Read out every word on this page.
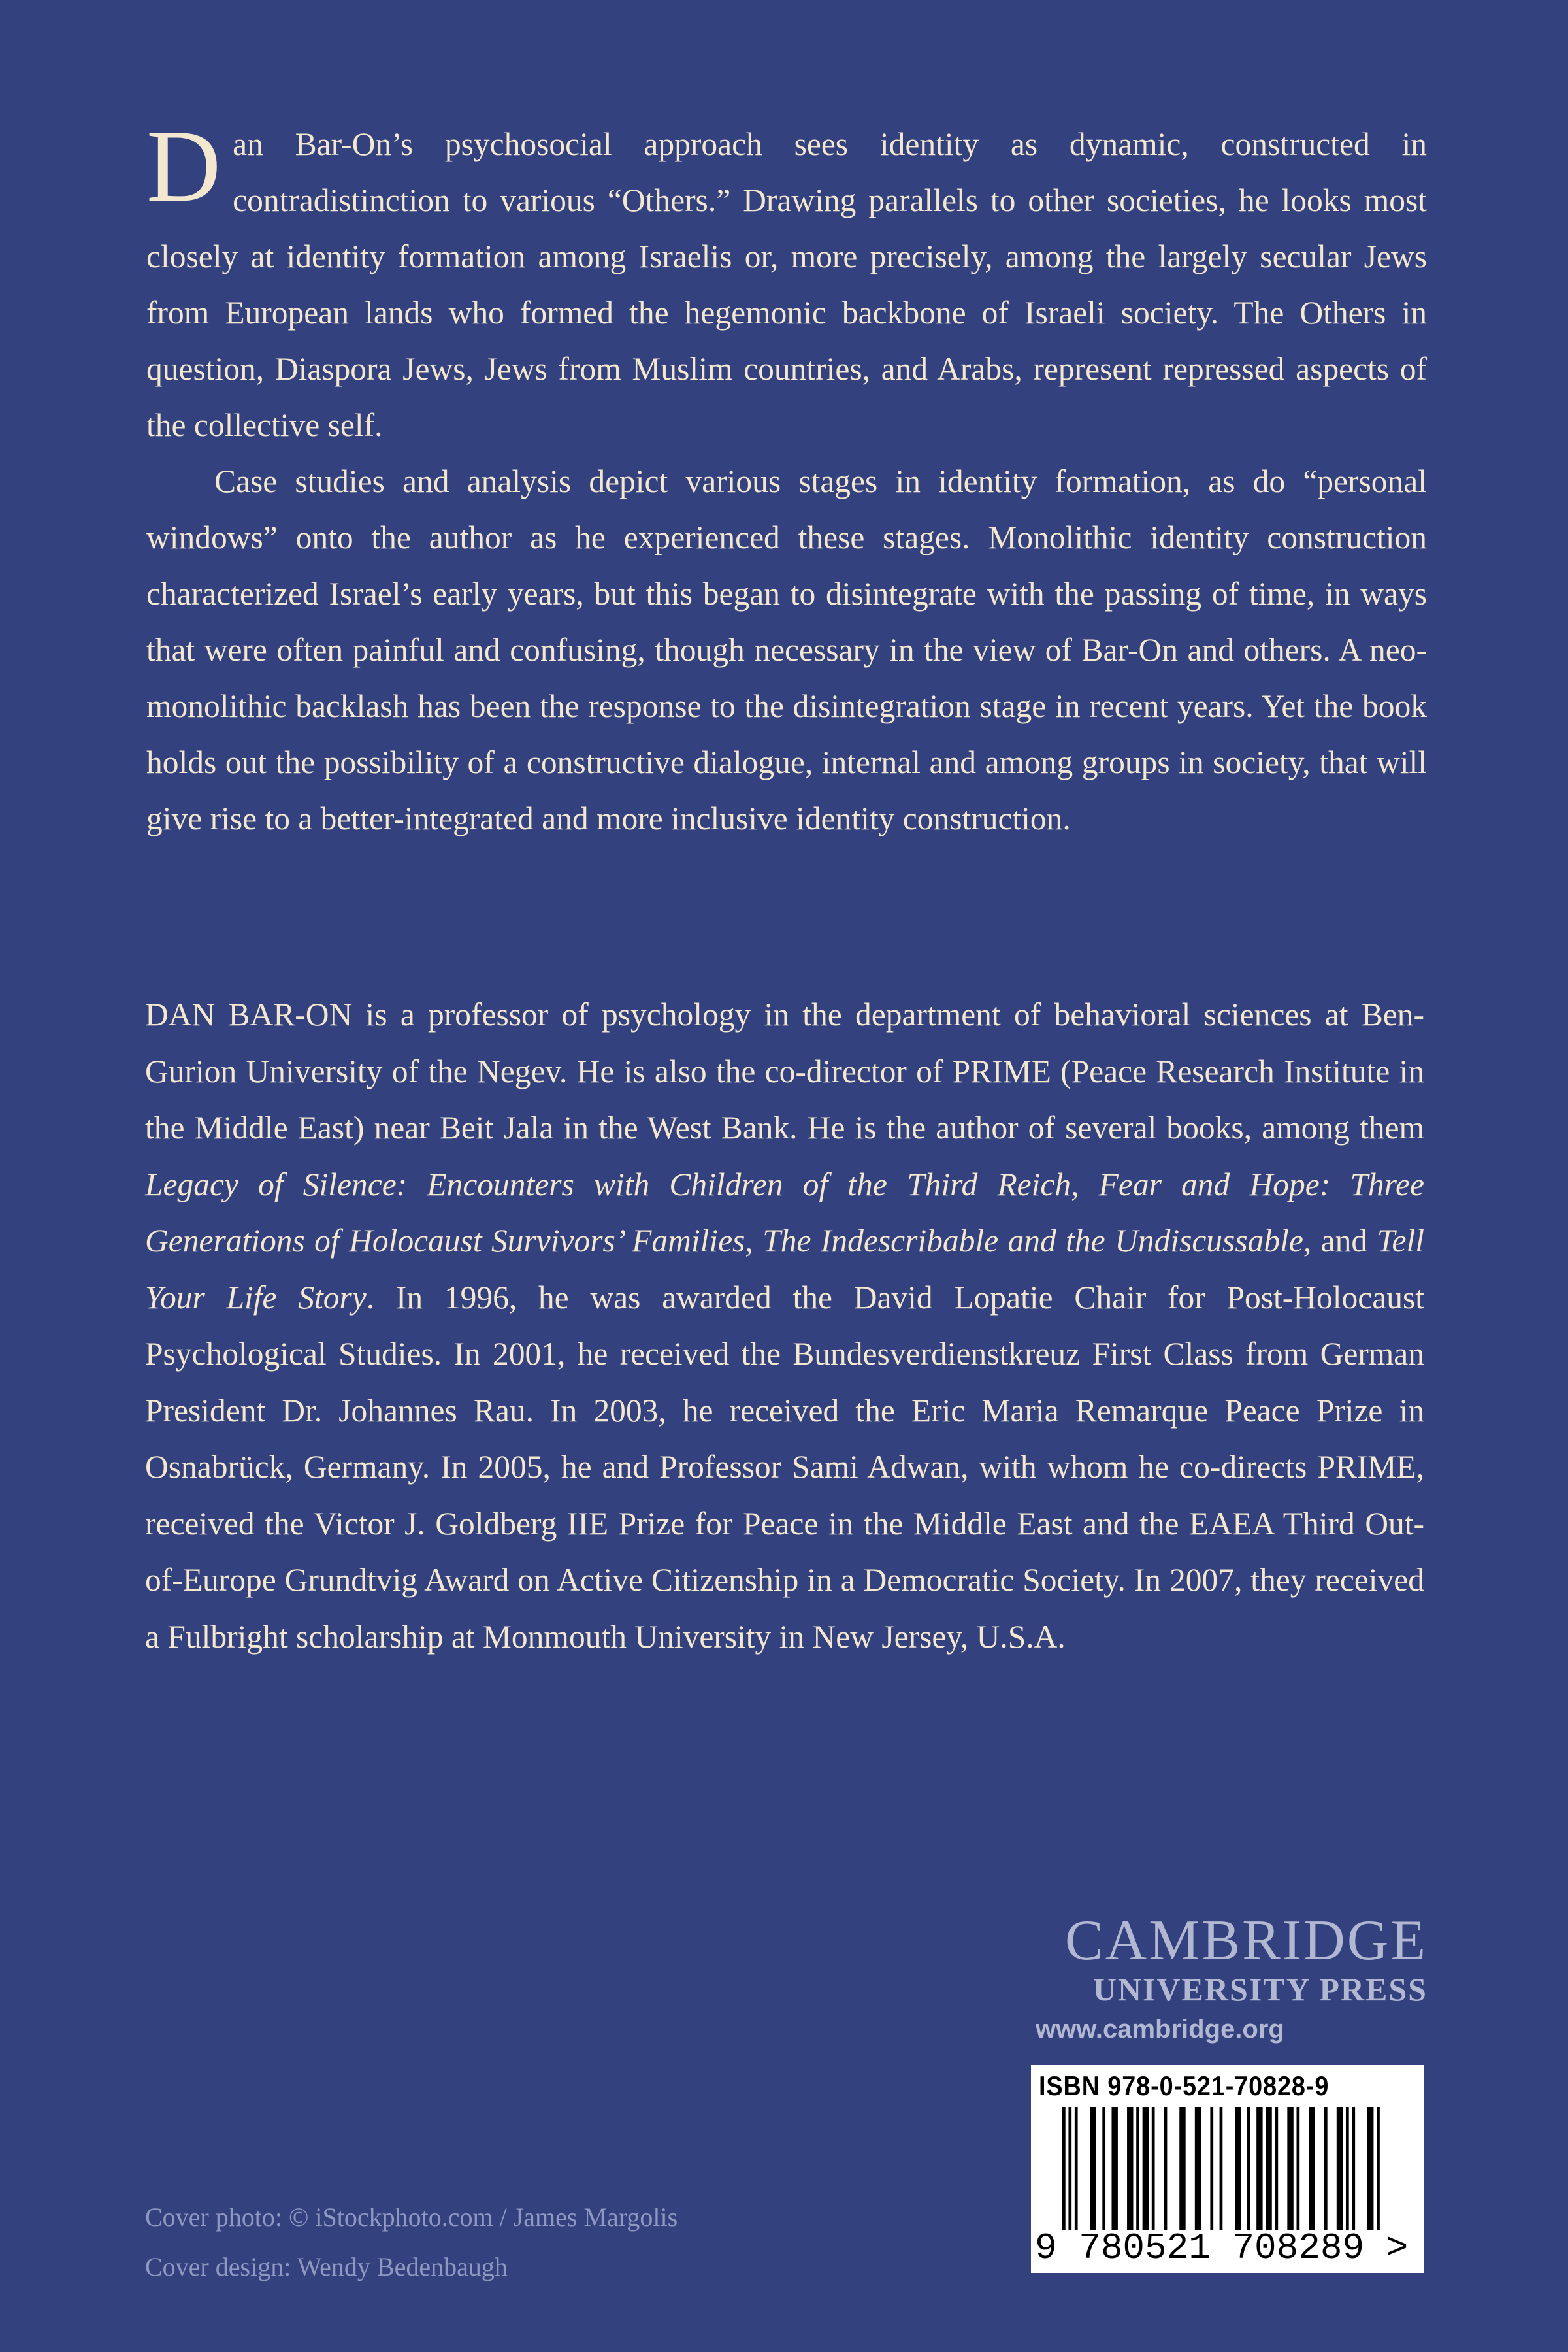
Dan Bar-On’s psychosocial approach sees identity as dynamic, constructed in contradistinction to various “Others.” Drawing parallels to other societies, he looks most closely at identity formation among Israelis or, more precisely, among the largely secular Jews from European lands who formed the hegemonic backbone of Israeli society. The Others in question, Diaspora Jews, Jews from Muslim countries, and Arabs, represent repressed aspects of the collective self.

Case studies and analysis depict various stages in identity formation, as do “personal windows” onto the author as he experienced these stages. Monolithic identity construction characterized Israel’s early years, but this began to disintegrate with the passing of time, in ways that were often painful and confusing, though necessary in the view of Bar-On and others. A neo-monolithic backlash has been the response to the disintegration stage in recent years. Yet the book holds out the possibility of a constructive dialogue, internal and among groups in society, that will give rise to a better-integrated and more inclusive identity construction.

DAN BAR-ON is a professor of psychology in the department of behavioral sciences at Ben-Gurion University of the Negev. He is also the co-director of PRIME (Peace Research Institute in the Middle East) near Beit Jala in the West Bank. He is the author of several books, among them Legacy of Silence: Encounters with Children of the Third Reich, Fear and Hope: Three Generations of Holocaust Survivors’ Families, The Indescribable and the Undiscussable, and Tell Your Life Story. In 1996, he was awarded the David Lopatie Chair for Post-Holocaust Psychological Studies. In 2001, he received the Bundesverdienstkreuz First Class from German President Dr. Johannes Rau. In 2003, he received the Eric Maria Remarque Peace Prize in Osnabrück, Germany. In 2005, he and Professor Sami Adwan, with whom he co-directs PRIME, received the Victor J. Goldberg IIE Prize for Peace in the Middle East and the EAEA Third Out-of-Europe Grundtvig Award on Active Citizenship in a Democratic Society. In 2007, they received a Fulbright scholarship at Monmouth University in New Jersey, U.S.A.

CAMBRIDGE
UNIVERSITY PRESS
www.cambridge.org
ISBN 978-0-521-70828-9
9 780521 708289 >
Cover photo: © iStockphoto.com / James Margolis
Cover design: Wendy Bedenbaugh
